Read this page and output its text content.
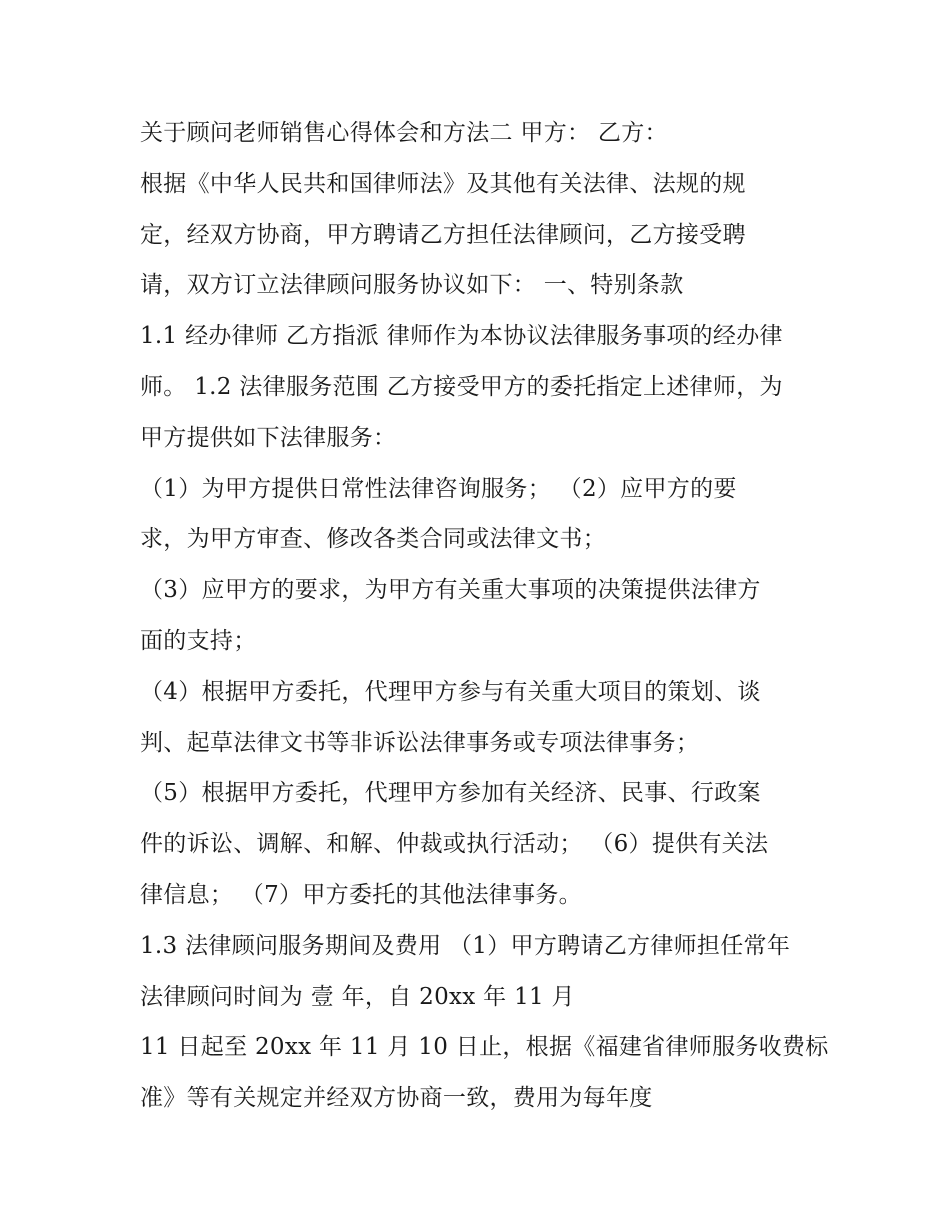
关于顾问老师销售心得体会和方法二 甲方： 乙方：
根据《中华人民共和国律师法》及其他有关法律、法规的规
定，经双方协商，甲方聘请乙方担任法律顾问，乙方接受聘
请，双方订立法律顾问服务协议如下： 一、特别条款
1.1 经办律师 乙方指派 律师作为本协议法律服务事项的经办律
师。 1.2 法律服务范围 乙方接受甲方的委托指定上述律师，为
甲方提供如下法律服务：
（1）为甲方提供日常性法律咨询服务； （2）应甲方的要
求，为甲方审查、修改各类合同或法律文书；
（3）应甲方的要求，为甲方有关重大事项的决策提供法律方
面的支持；
（4）根据甲方委托，代理甲方参与有关重大项目的策划、谈
判、起草法律文书等非诉讼法律事务或专项法律事务；
（5）根据甲方委托，代理甲方参加有关经济、民事、行政案
件的诉讼、调解、和解、仲裁或执行活动； （6）提供有关法
律信息； （7）甲方委托的其他法律事务。
1.3 法律顾问服务期间及费用 （1）甲方聘请乙方律师担任常年
法律顾问时间为 壹 年，自 20xx 年 11 月
11 日起至 20xx 年 11 月 10 日止，根据《福建省律师服务收费标
准》等有关规定并经双方协商一致，费用为每年度
